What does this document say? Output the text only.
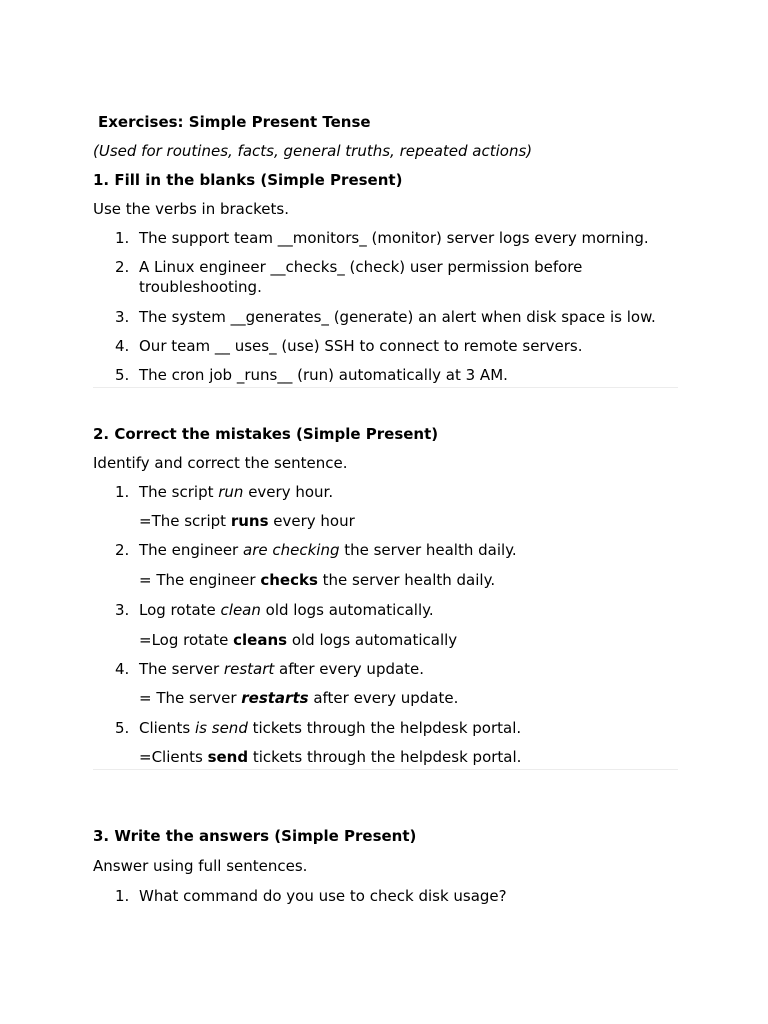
Exercises: Simple Present Tense
(Used for routines, facts, general truths, repeated actions)
1. Fill in the blanks (Simple Present)
Use the verbs in brackets.
1. The support team __monitors_ (monitor) server logs every morning.
2. A Linux engineer __checks_ (check) user permission before troubleshooting.
3. The system __generates_ (generate) an alert when disk space is low.
4. Our team __ uses_ (use) SSH to connect to remote servers.
5. The cron job _runs__ (run) automatically at 3 AM.
2. Correct the mistakes (Simple Present)
Identify and correct the sentence.
1. The script run every hour.
=The script runs every hour
2. The engineer are checking the server health daily.
= The engineer checks the server health daily.
3. Log rotate clean old logs automatically.
=Log rotate cleans old logs automatically
4. The server restart after every update.
= The server restarts after every update.
5. Clients is send tickets through the helpdesk portal.
=Clients send tickets through the helpdesk portal.
3. Write the answers (Simple Present)
Answer using full sentences.
1. What command do you use to check disk usage?
